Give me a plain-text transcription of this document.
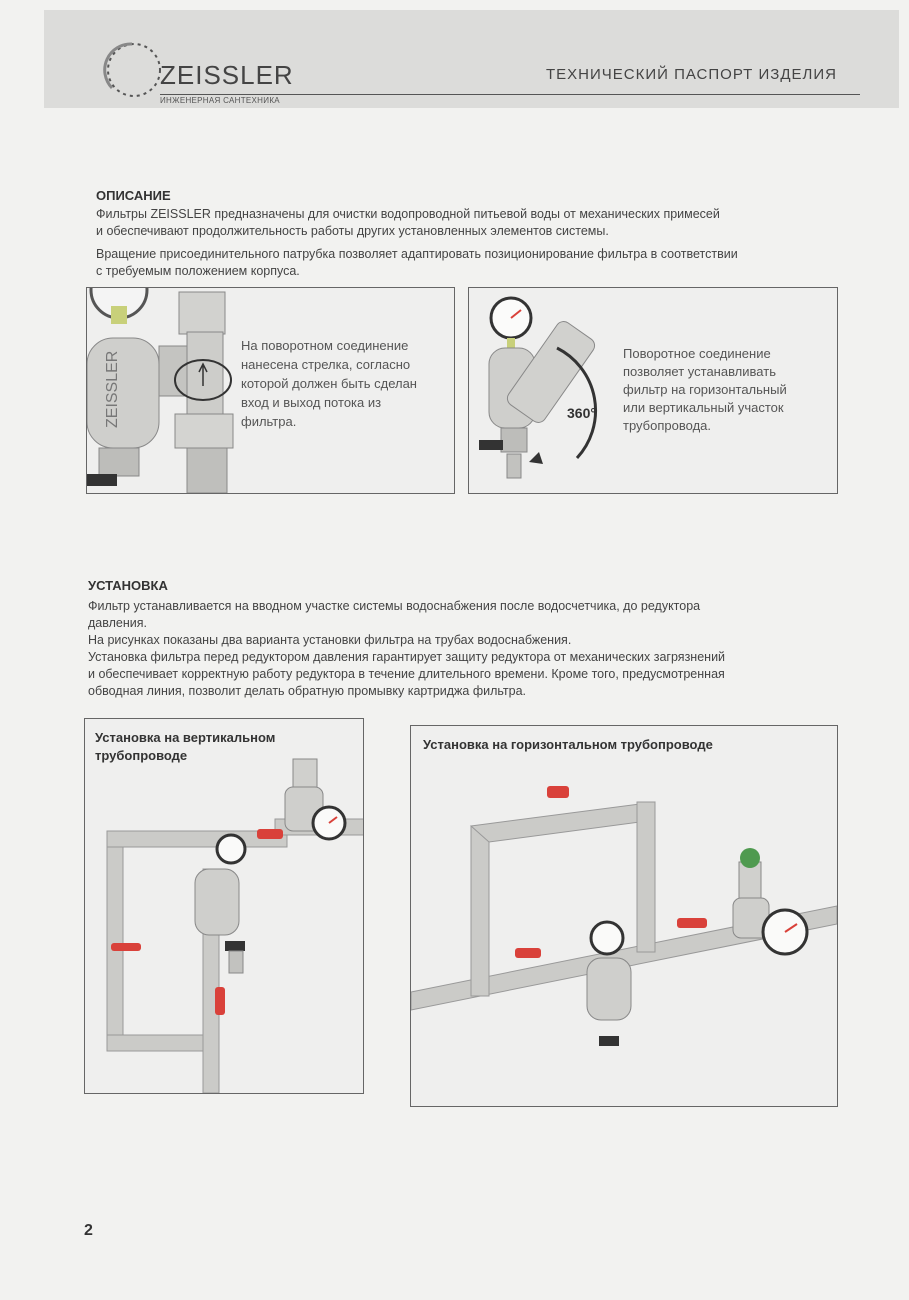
ZEISSLER
ИНЖЕНЕРНАЯ САНТЕХНИКА
ТЕХНИЧЕСКИЙ ПАСПОРТ ИЗДЕЛИЯ
ОПИСАНИЕ
Фильтры ZEISSLER предназначены для очистки водопроводной питьевой воды от механических примесей
и обеспечивают продолжительность работы других установленных элементов системы.
Вращение присоединительного патрубка позволяет адаптировать позиционирование фильтра в соответствии
с требуемым положением корпуса.
ZEISSLER
На поворотном соединение
нанесена стрелка, согласно
которой должен быть сделан
вход и выход потока из
фильтра.
360°
Поворотное соединение
позволяет устанавливать
фильтр на горизонтальный
или вертикальный участок
трубопровода.
УСТАНОВКА
Фильтр устанавливается на вводном участке системы водоснабжения после водосчетчика, до редуктора
давления.
На рисунках показаны два варианта установки фильтра на трубах водоснабжения.
Установка фильтра перед редуктором давления гарантирует защиту редуктора от механических загрязнений
и обеспечивает корректную работу редуктора в течение длительного времени. Кроме того, предусмотренная
обводная линия, позволит делать обратную промывку картриджа фильтра.
Установка на вертикальном
трубопроводе
Установка на горизонтальном трубопроводе
2
